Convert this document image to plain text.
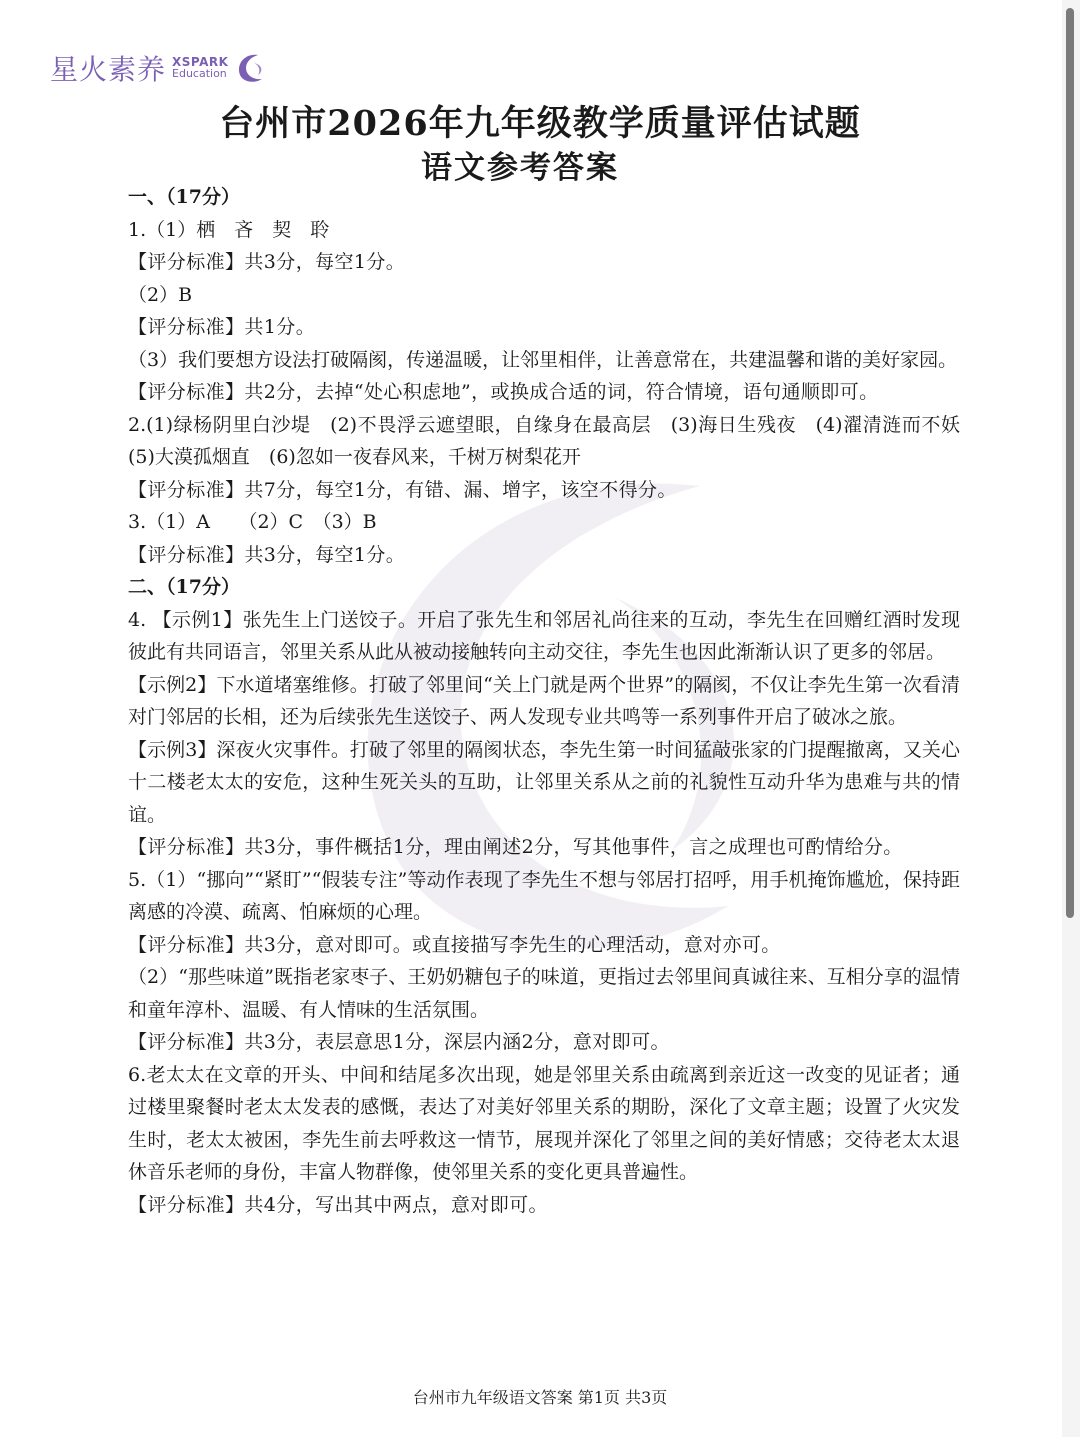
星火素养 XSPARK
Education
台州市2026年九年级教学质量评估试题
语文参考答案

一、（17分）

1.（1）栖　吝　契　聆

【评分标准】共3分，每空1分。

（2）B

【评分标准】共1分。

（3）我们要想方设法打破隔阂，传递温暖，让邻里相伴，让善意常在，共建温馨和谐的美好家园。

【评分标准】共2分，去掉“处心积虑地”，或换成合适的词，符合情境，语句通顺即可。

2.(1)绿杨阴里白沙堤　(2)不畏浮云遮望眼，自缘身在最高层　(3)海日生残夜　(4)濯清涟而不妖(5)大漠孤烟直　(6)忽如一夜春风来，千树万树梨花开

【评分标准】共7分，每空1分，有错、漏、增字，该空不得分。

3.（1）A　　（2）C　（3）B

【评分标准】共3分，每空1分。

二、（17分）

4. 【示例1】张先生上门送饺子。开启了张先生和邻居礼尚往来的互动，李先生在回赠红酒时发现彼此有共同语言，邻里关系从此从被动接触转向主动交往，李先生也因此渐渐认识了更多的邻居。

【示例2】下水道堵塞维修。打破了邻里间“关上门就是两个世界”的隔阂，不仅让李先生第一次看清对门邻居的长相，还为后续张先生送饺子、两人发现专业共鸣等一系列事件开启了破冰之旅。

【示例3】深夜火灾事件。打破了邻里的隔阂状态，李先生第一时间猛敲张家的门提醒撤离，又关心十二楼老太太的安危，这种生死关头的互助，让邻里关系从之前的礼貌性互动升华为患难与共的情谊。

【评分标准】共3分，事件概括1分，理由阐述2分，写其他事件，言之成理也可酌情给分。

5.（1）“挪向”“紧盯”“假装专注”等动作表现了李先生不想与邻居打招呼，用手机掩饰尴尬，保持距离感的冷漠、疏离、怕麻烦的心理。

【评分标准】共3分，意对即可。或直接描写李先生的心理活动，意对亦可。

（2）“那些味道”既指老家枣子、王奶奶糖包子的味道，更指过去邻里间真诚往来、互相分享的温情和童年淳朴、温暖、有人情味的生活氛围。

【评分标准】共3分，表层意思1分，深层内涵2分，意对即可。

6.老太太在文章的开头、中间和结尾多次出现，她是邻里关系由疏离到亲近这一改变的见证者；通过楼里聚餐时老太太发表的感慨，表达了对美好邻里关系的期盼，深化了文章主题；设置了火灾发生时，老太太被困，李先生前去呼救这一情节，展现并深化了邻里之间的美好情感；交待老太太退休音乐老师的身份，丰富人物群像，使邻里关系的变化更具普遍性。

【评分标准】共4分，写出其中两点，意对即可。

台州市九年级语文答案 第1页 共3页
